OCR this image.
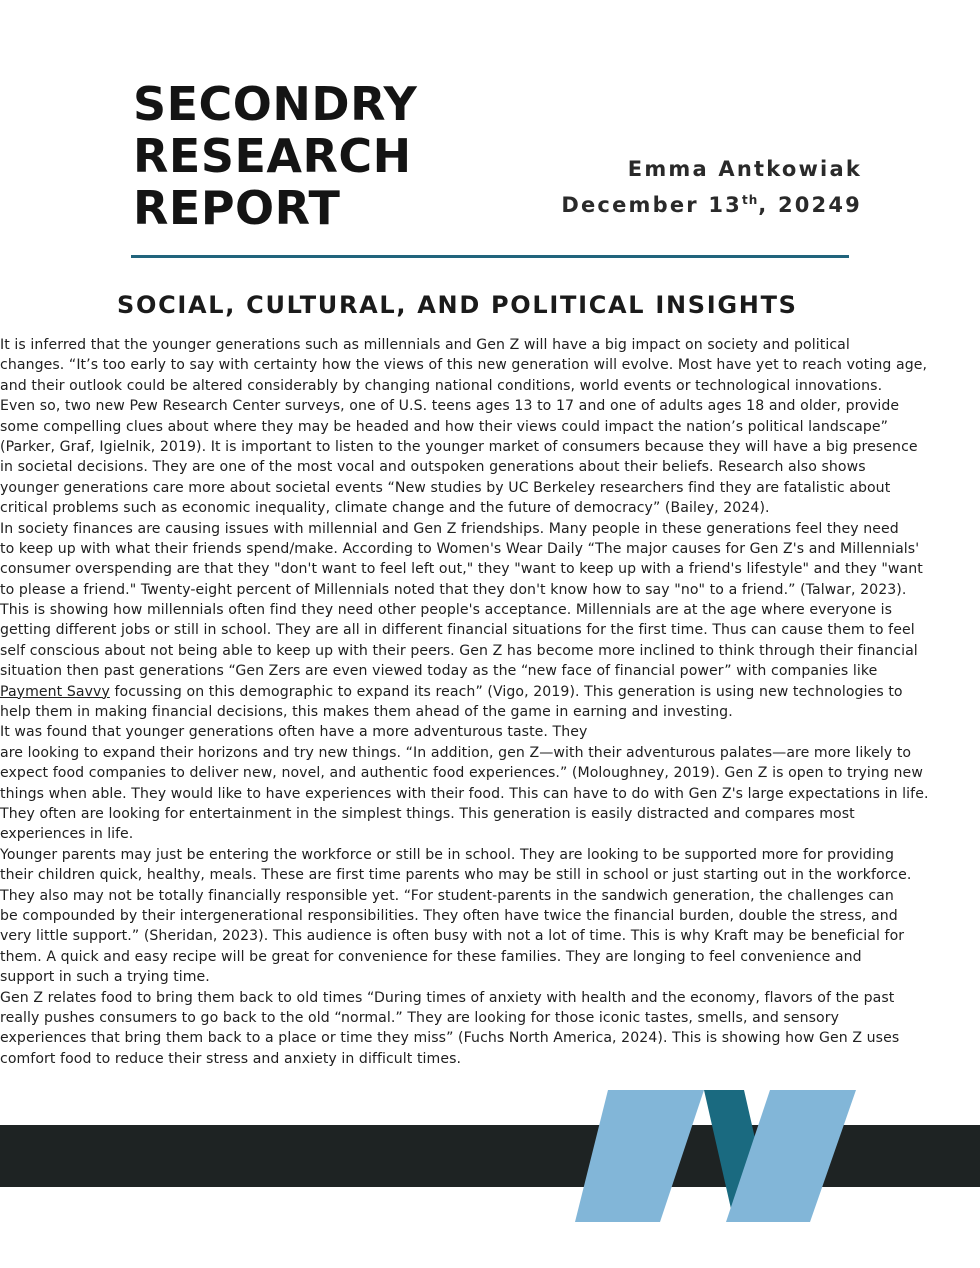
SECONDRY
RESEARCH
REPORT
Emma Antkowiak
December 13th, 20249
SOCIAL, CULTURAL, AND POLITICAL INSIGHTS
It is inferred that the younger generations such as millennials and Gen Z will have a big impact on society and political
changes. “It’s too early to say with certainty how the views of this new generation will evolve. Most have yet to reach voting age,
and their outlook could be altered considerably by changing national conditions, world events or technological innovations.
Even so, two new Pew Research Center surveys, one of U.S. teens ages 13 to 17 and one of adults ages 18 and older, provide
some compelling clues about where they may be headed and how their views could impact the nation’s political landscape”
(Parker, Graf, Igielnik, 2019). It is important to listen to the younger market of consumers because they will have a big presence
in societal decisions. They are one of the most vocal and outspoken generations about their beliefs. Research also shows
younger generations care more about societal events “New studies by UC Berkeley researchers find they are fatalistic about
critical problems such as economic inequality, climate change and the future of democracy” (Bailey, 2024).
In society finances are causing issues with millennial and Gen Z friendships. Many people in these generations feel they need
to keep up with what their friends spend/make. According to Women's Wear Daily “The major causes for Gen Z's and Millennials'
consumer overspending are that they "don't want to feel left out," they "want to keep up with a friend's lifestyle" and they "want
to please a friend." Twenty-eight percent of Millennials noted that they don't know how to say "no" to a friend.” (Talwar, 2023).
This is showing how millennials often find they need other people's acceptance. Millennials are at the age where everyone is
getting different jobs or still in school. They are all in different financial situations for the first time. Thus can cause them to feel
self conscious about not being able to keep up with their peers. Gen Z has become more inclined to think through their financial
situation then past generations “Gen Zers are even viewed today as the “new face of financial power” with companies like
Payment Savvy focussing on this demographic to expand its reach” (Vigo, 2019). This generation is using new technologies to
help them in making financial decisions, this makes them ahead of the game in earning and investing.
It was found that younger generations often have a more adventurous taste. They
are looking to expand their horizons and try new things. “In addition, gen Z—with their adventurous palates—are more likely to
expect food companies to deliver new, novel, and authentic food experiences.” (Moloughney, 2019). Gen Z is open to trying new
things when able. They would like to have experiences with their food. This can have to do with Gen Z's large expectations in life.
They often are looking for entertainment in the simplest things. This generation is easily distracted and compares most
experiences in life.
Younger parents may just be entering the workforce or still be in school. They are looking to be supported more for providing
their children quick, healthy, meals. These are first time parents who may be still in school or just starting out in the workforce.
They also may not be totally financially responsible yet. “For student-parents in the sandwich generation, the challenges can
be compounded by their intergenerational responsibilities. They often have twice the financial burden, double the stress, and
very little support.” (Sheridan, 2023). This audience is often busy with not a lot of time. This is why Kraft may be beneficial for
them. A quick and easy recipe will be great for convenience for these families. They are longing to feel convenience and
support in such a trying time.
Gen Z relates food to bring them back to old times “During times of anxiety with health and the economy, flavors of the past
really pushes consumers to go back to the old “normal.” They are looking for those iconic tastes, smells, and sensory
experiences that bring them back to a place or time they miss” (Fuchs North America, 2024). This is showing how Gen Z uses
comfort food to reduce their stress and anxiety in difficult times.
